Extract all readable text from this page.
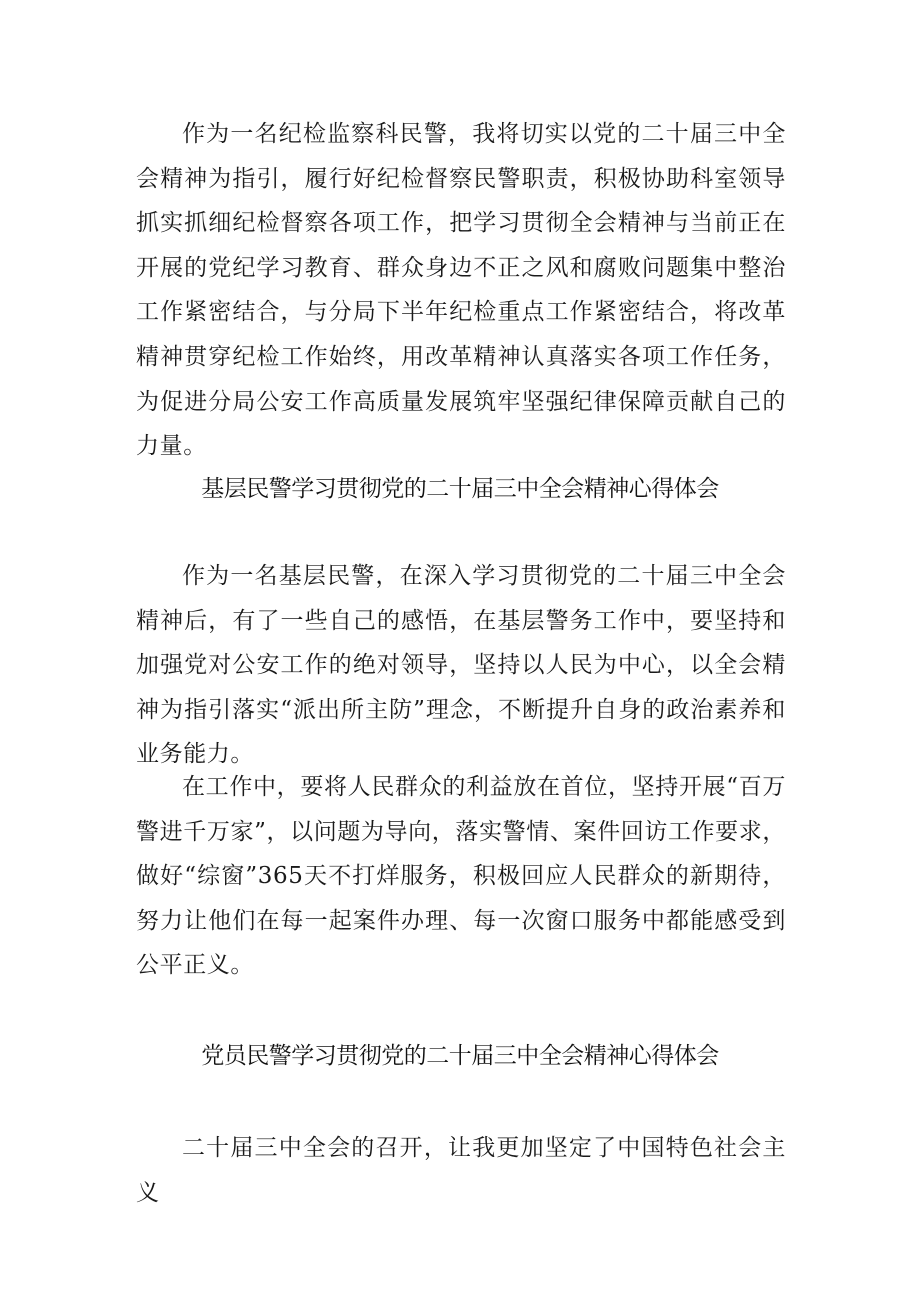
作为一名纪检监察科民警，我将切实以党的二十届三中全会精神为指引，履行好纪检督察民警职责，积极协助科室领导抓实抓细纪检督察各项工作，把学习贯彻全会精神与当前正在开展的党纪学习教育、群众身边不正之风和腐败问题集中整治工作紧密结合，与分局下半年纪检重点工作紧密结合，将改革精神贯穿纪检工作始终，用改革精神认真落实各项工作任务，为促进分局公安工作高质量发展筑牢坚强纪律保障贡献自己的力量。

基层民警学习贯彻党的二十届三中全会精神心得体会

作为一名基层民警，在深入学习贯彻党的二十届三中全会精神后，有了一些自己的感悟，在基层警务工作中，要坚持和加强党对公安工作的绝对领导，坚持以人民为中心，以全会精神为指引落实“派出所主防”理念，不断提升自身的政治素养和业务能力。

在工作中，要将人民群众的利益放在首位，坚持开展“百万警进千万家”，以问题为导向，落实警情、案件回访工作要求，做好“综窗”365天不打烊服务，积极回应人民群众的新期待，努力让他们在每一起案件办理、每一次窗口服务中都能感受到公平正义。

党员民警学习贯彻党的二十届三中全会精神心得体会

二十届三中全会的召开，让我更加坚定了中国特色社会主义
